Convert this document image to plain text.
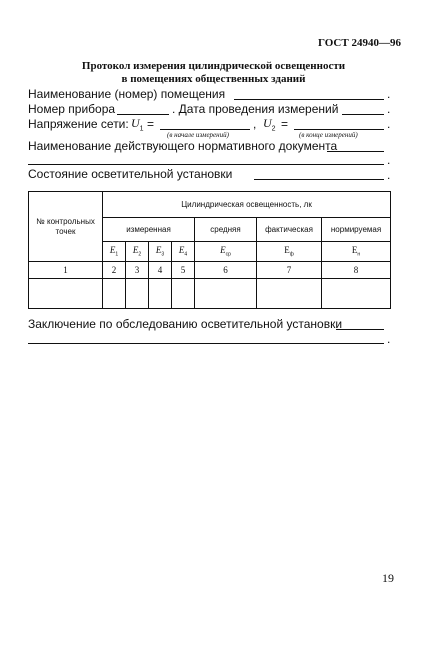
ГОСТ 24940—96
Протокол измерения цилиндрической освещенности
в помещениях общественных зданий
Наименование (номер) помещения	.
Номер прибора	. Дата проведения измерений	.
Напряжение сети: $U_1$ =	, $U_2$ =	.
(в начале измерений)	(в конце измерений)
Наименование действующего нормативного документа
.
Состояние осветительной установки	.
№ контрольных точек	Цилиндрическая освещенность, лк						
	измеренная				средняя	фактическая	нормируемая
	$E_1$	$E_2$	$E_3$	$E_4$	$E_{ср}$	$E_ф$	$E_н$
1	2	3	4	5	6	7	8

Заключение по обследованию осветительной установки
.
19
